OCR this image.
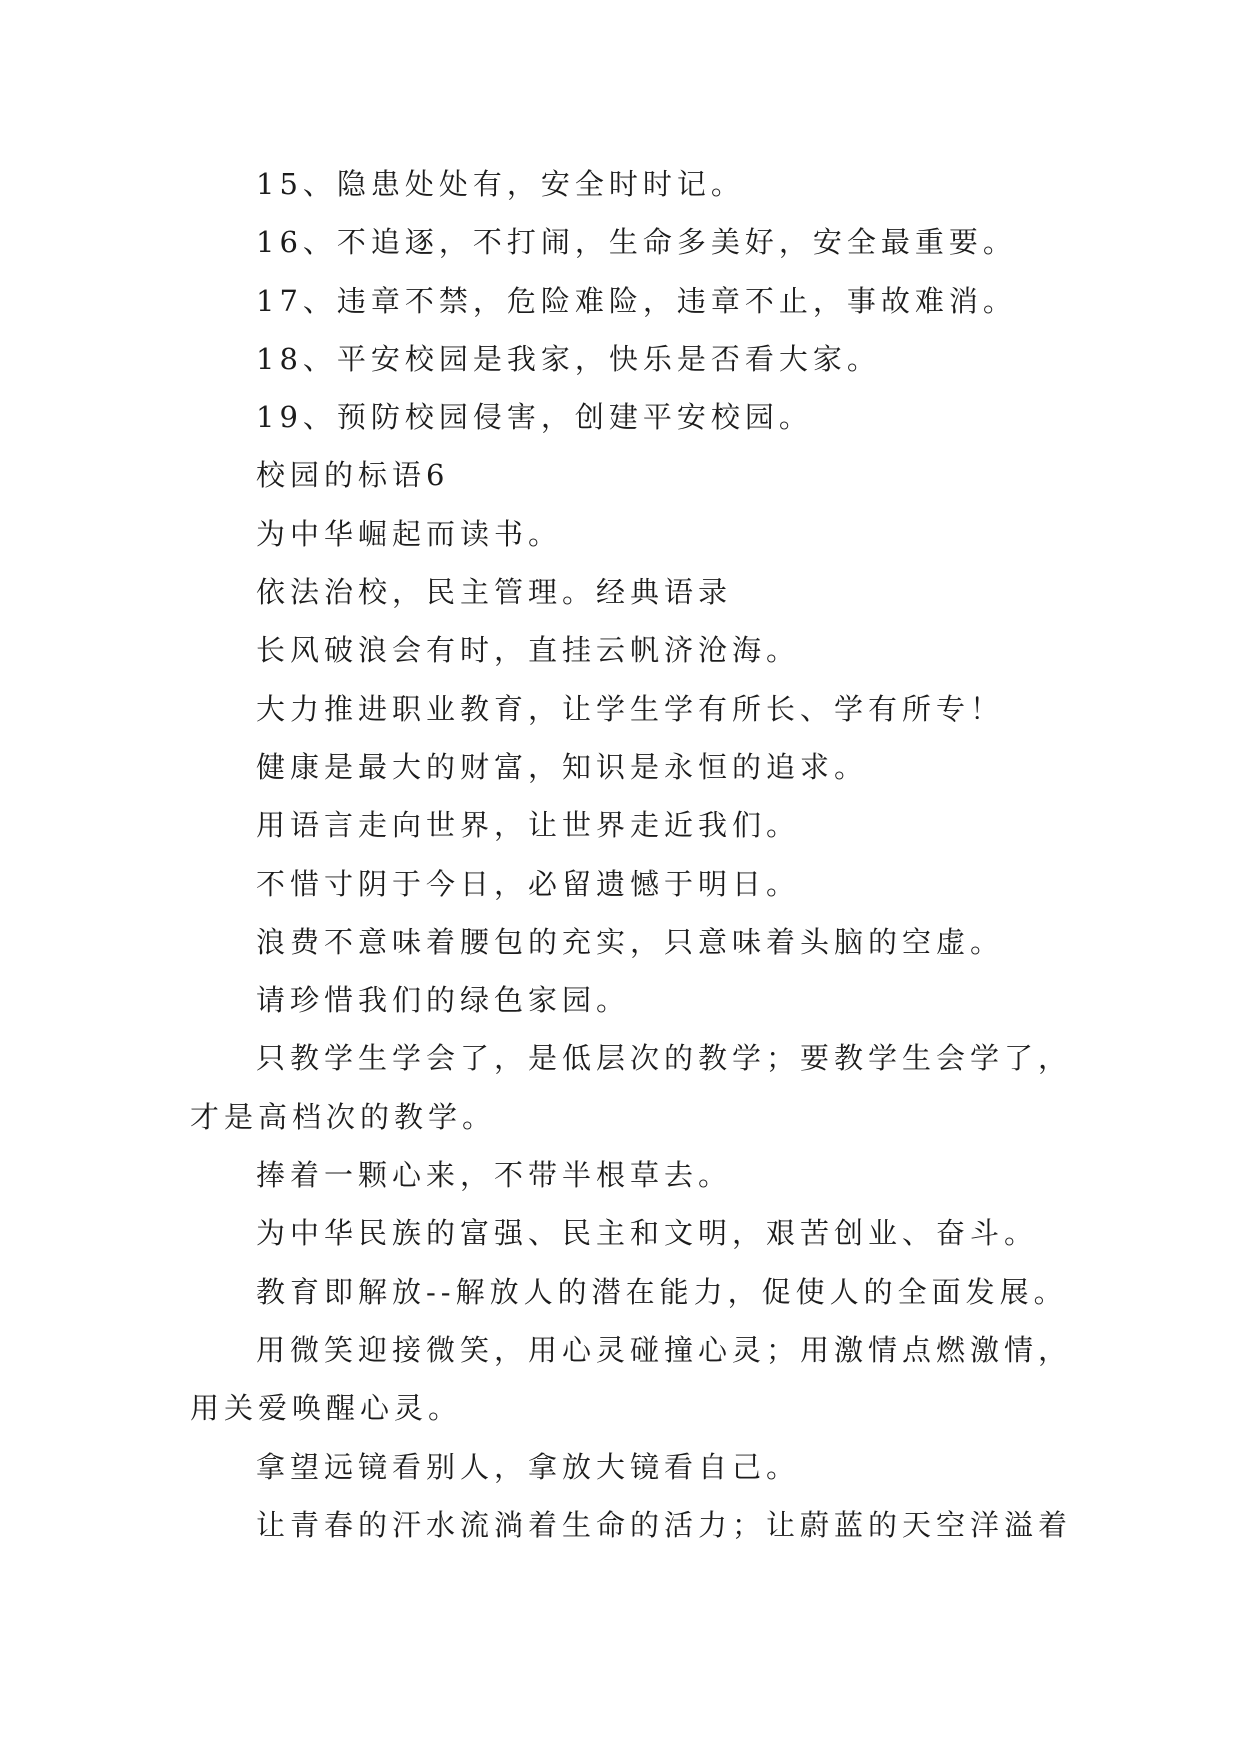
15、隐患处处有，安全时时记。

16、不追逐，不打闹，生命多美好，安全最重要。

17、违章不禁，危险难险，违章不止，事故难消。

18、平安校园是我家，快乐是否看大家。

19、预防校园侵害，创建平安校园。

校园的标语6

为中华崛起而读书。

依法治校，民主管理。经典语录

长风破浪会有时，直挂云帆济沧海。

大力推进职业教育，让学生学有所长、学有所专！

健康是最大的财富，知识是永恒的追求。

用语言走向世界，让世界走近我们。

不惜寸阴于今日，必留遗憾于明日。

浪费不意味着腰包的充实，只意味着头脑的空虚。

请珍惜我们的绿色家园。

只教学生学会了，是低层次的教学；要教学生会学了，
才是高档次的教学。

捧着一颗心来，不带半根草去。

为中华民族的富强、民主和文明，艰苦创业、奋斗。

教育即解放--解放人的潜在能力，促使人的全面发展。

用微笑迎接微笑，用心灵碰撞心灵；用激情点燃激情，
用关爱唤醒心灵。

拿望远镜看别人，拿放大镜看自己。

让青春的汗水流淌着生命的活力；让蔚蓝的天空洋溢着
